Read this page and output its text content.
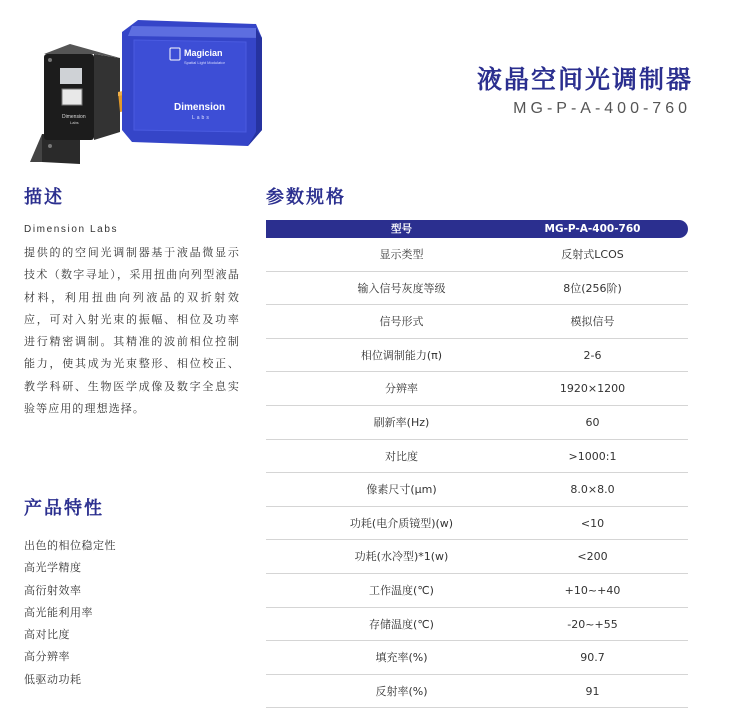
Dimension
Labs
Magician
Spatial Light Modulator
Dimension
Labs
液晶空间光调制器
MG-P-A-400-760
描述
Dimension Labs
提供的的空间光调制器基于液晶微显示技术（数字寻址），采用扭曲向列型液晶材料，利用扭曲向列液晶的双折射效应，可对入射光束的振幅、相位及功率进行精密调制。其精准的波前相位控制能力，使其成为光束整形、相位校正、教学科研、生物医学成像及数字全息实验等应用的理想选择。
产品特性
出色的相位稳定性
高光学精度
高衍射效率
高光能利用率
高对比度
高分辨率
低驱动功耗
参数规格
型号	MG-P-A-400-760
显示类型	反射式LCOS
输入信号灰度等级	8位(256阶)
信号形式	模拟信号
相位调制能力(π)	2-6
分辨率	1920×1200
刷新率(Hz)	60
对比度	>1000:1
像素尺寸(μm)	8.0×8.0
功耗(电介质镜型)(w)	<10
功耗(水冷型)*1(w)	<200
工作温度(℃)	+10~+40
存储温度(℃)	-20~+55
填充率(%)	90.7
反射率(%)	91
